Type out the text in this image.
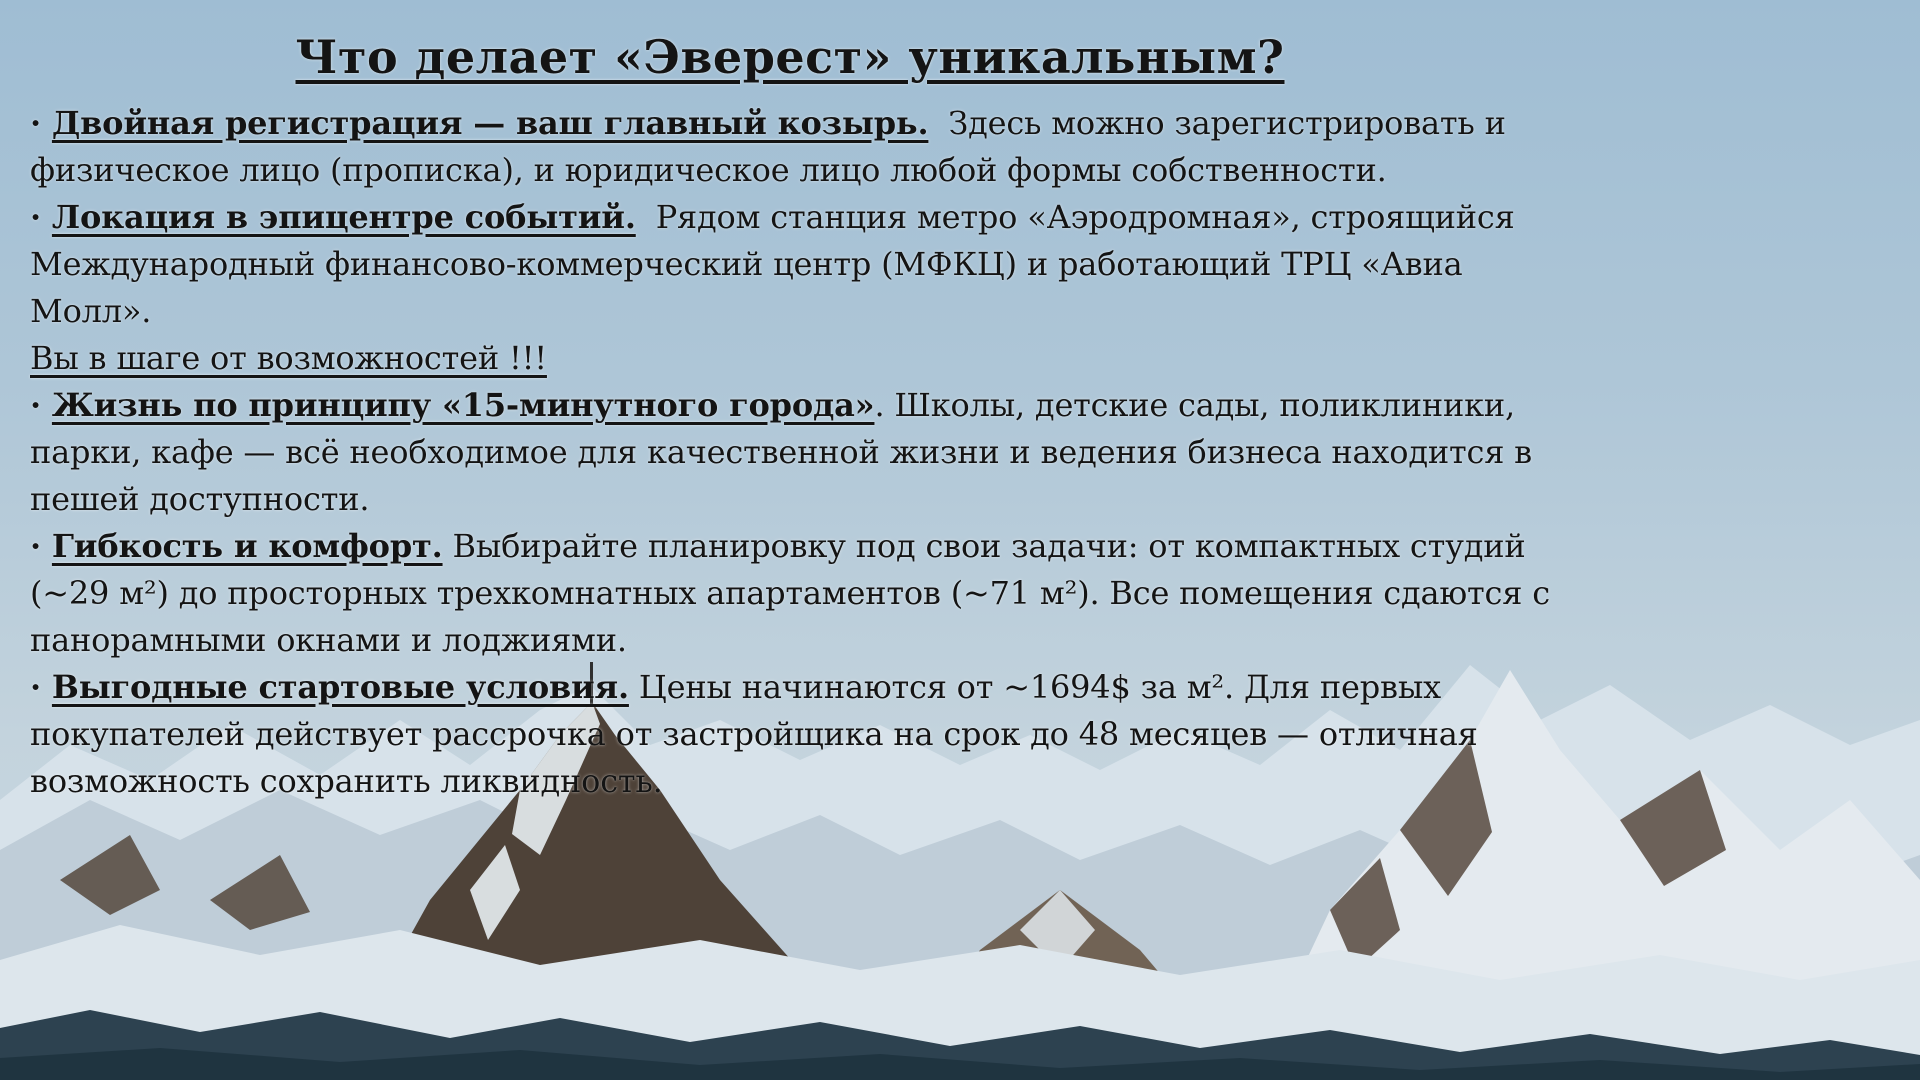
Что делает «Эверест» уникальным?

· Двойная регистрация — ваш главный козырь.  Здесь можно зарегистрировать и физическое лицо (прописка), и юридическое лицо любой формы собственности.

· Локация в эпицентре событий.  Рядом станция метро «Аэродромная», строящийся Международный финансово-коммерческий центр (МФКЦ) и работающий ТРЦ «Авиа Молл».

Вы в шаге от возможностей !!!

· Жизнь по принципу «15-минутного города». Школы, детские сады, поликлиники, парки, кафе — всё необходимое для качественной жизни и ведения бизнеса находится в пешей доступности.

· Гибкость и комфорт. Выбирайте планировку под свои задачи: от компактных студий (~29 м²) до просторных трехкомнатных апартаментов (~71 м²). Все помещения сдаются с панорамными окнами и лоджиями.

· Выгодные стартовые условия. Цены начинаются от ~1694$ за м². Для первых покупателей действует рассрочка от застройщика на срок до 48 месяцев — отличная возможность сохранить ликвидность.
